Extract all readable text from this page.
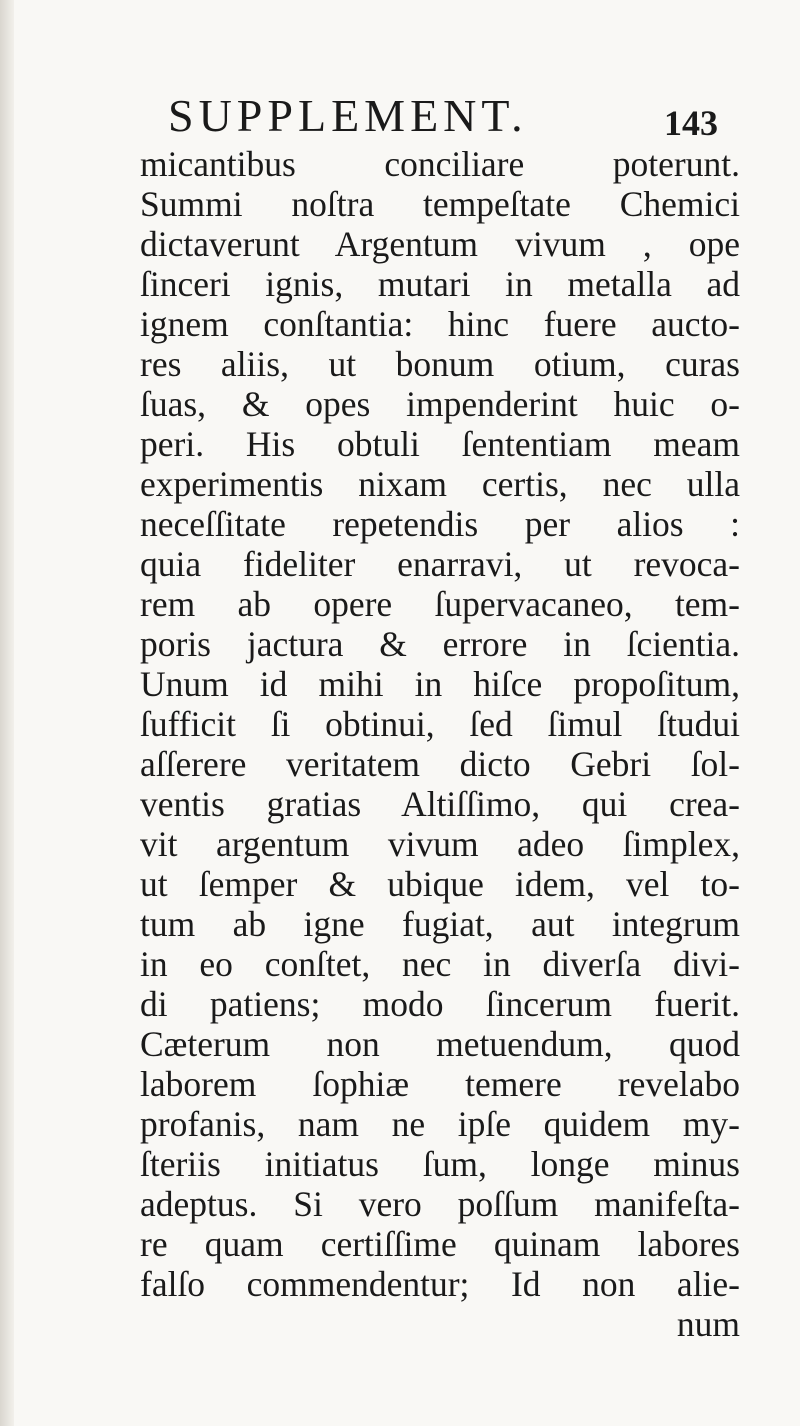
SUPPLEMENT.	143
micantibus conciliare poterunt.
Summi noſtra tempeſtate Chemici
dictaverunt Argentum vivum , ope
ſinceri ignis, mutari in metalla ad
ignem conſtantia: hinc fuere aucto-
res aliis, ut bonum otium, curas
ſuas, & opes impenderint huic o-
peri. His obtuli ſententiam meam
experimentis nixam certis, nec ulla
neceſſitate repetendis per alios :
quia fideliter enarravi, ut revoca-
rem ab opere ſupervacaneo, tem-
poris jactura & errore in ſcientia.
Unum id mihi in hiſce propoſitum,
ſufficit ſi obtinui, ſed ſimul ſtudui
aſſerere veritatem dicto Gebri ſol-
ventis gratias Altiſſimo, qui crea-
vit argentum vivum adeo ſimplex,
ut ſemper & ubique idem, vel to-
tum ab igne fugiat, aut integrum
in eo conſtet, nec in diverſa divi-
di patiens; modo ſincerum fuerit.
Cæterum non metuendum, quod
laborem ſophiæ temere revelabo
profanis, nam ne ipſe quidem my-
ſteriis initiatus ſum, longe minus
adeptus. Si vero poſſum manifeſta-
re quam certiſſime quinam labores
falſo commendentur; Id non alie-
num
